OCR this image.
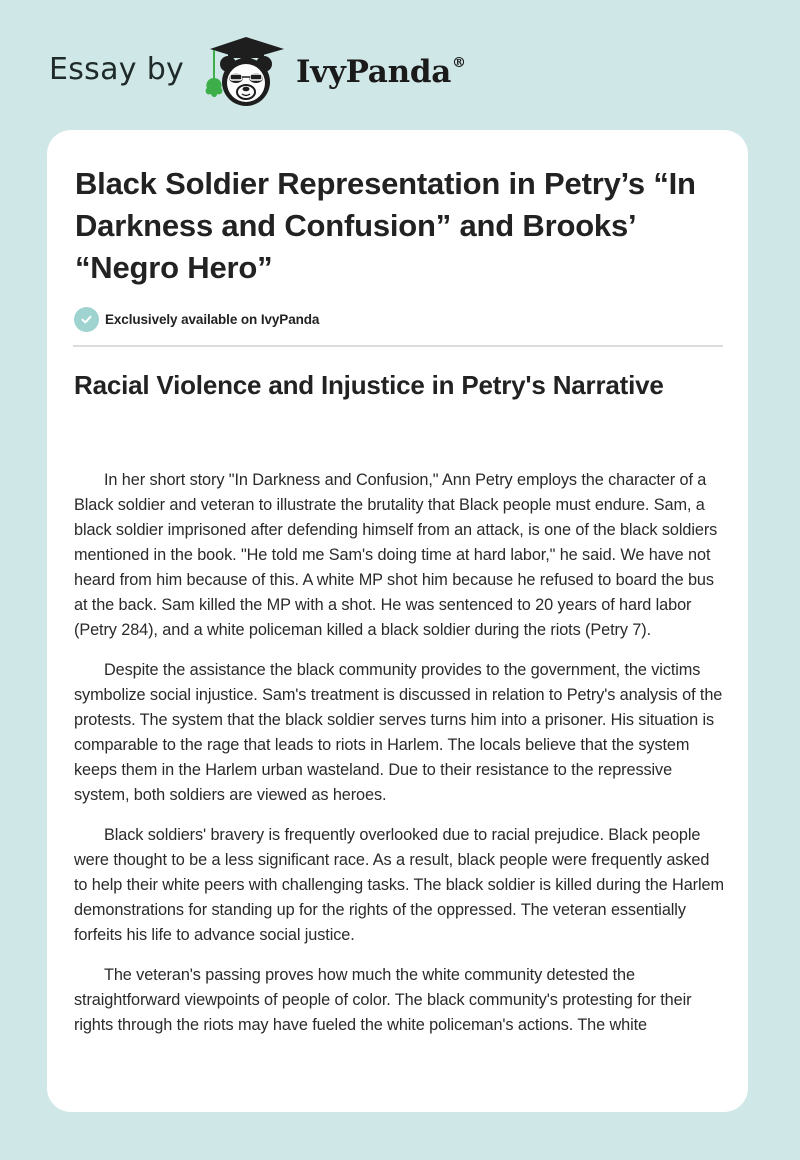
Essay by	IvyPanda®
Black Soldier Representation in Petry’s “In Darkness and Confusion” and Brooks’ “Negro Hero”
Exclusively available on IvyPanda
Racial Violence and Injustice in Petry's Narrative

In her short story "In Darkness and Confusion," Ann Petry employs the character of a Black soldier and veteran to illustrate the brutality that Black people must endure. Sam, a black soldier imprisoned after defending himself from an attack, is one of the black soldiers mentioned in the book. "He told me Sam's doing time at hard labor," he said. We have not heard from him because of this. A white MP shot him because he refused to board the bus at the back. Sam killed the MP with a shot. He was sentenced to 20 years of hard labor (Petry 284), and a white policeman killed a black soldier during the riots (Petry 7).

Despite the assistance the black community provides to the government, the victims symbolize social injustice. Sam's treatment is discussed in relation to Petry's analysis of the protests. The system that the black soldier serves turns him into a prisoner. His situation is comparable to the rage that leads to riots in Harlem. The locals believe that the system keeps them in the Harlem urban wasteland. Due to their resistance to the repressive system, both soldiers are viewed as heroes.

Black soldiers' bravery is frequently overlooked due to racial prejudice. Black people were thought to be a less significant race. As a result, black people were frequently asked to help their white peers with challenging tasks. The black soldier is killed during the Harlem demonstrations for standing up for the rights of the oppressed. The veteran essentially forfeits his life to advance social justice.

The veteran's passing proves how much the white community detested the straightforward viewpoints of people of color. The black community's protesting for their rights through the riots may have fueled the white policeman's actions. The white
